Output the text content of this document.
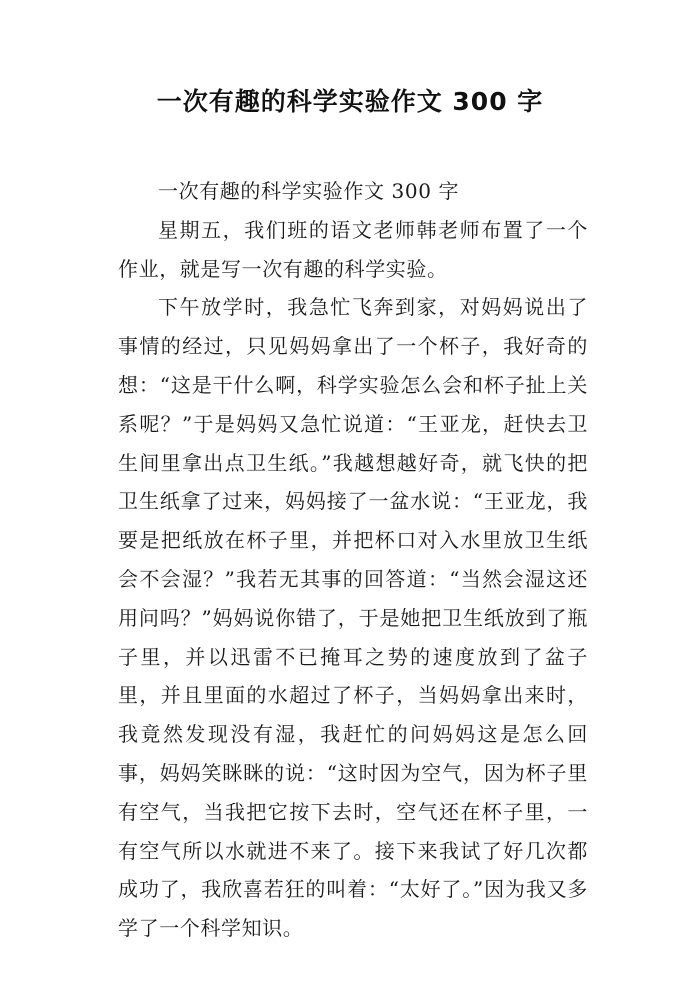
一次有趣的科学实验作文 300 字

一次有趣的科学实验作文 300 字

星期五，我们班的语文老师韩老师布置了一个作业，就是写一次有趣的科学实验。

下午放学时，我急忙飞奔到家，对妈妈说出了事情的经过，只见妈妈拿出了一个杯子，我好奇的想：“这是干什么啊，科学实验怎么会和杯子扯上关系呢？”于是妈妈又急忙说道：“王亚龙，赶快去卫生间里拿出点卫生纸。”我越想越好奇，就飞快的把卫生纸拿了过来，妈妈接了一盆水说：“王亚龙，我要是把纸放在杯子里，并把杯口对入水里放卫生纸会不会湿？”我若无其事的回答道：“当然会湿这还用问吗？”妈妈说你错了，于是她把卫生纸放到了瓶子里，并以迅雷不已掩耳之势的速度放到了盆子里，并且里面的水超过了杯子，当妈妈拿出来时，我竟然发现没有湿，我赶忙的问妈妈这是怎么回事，妈妈笑眯眯的说：“这时因为空气，因为杯子里有空气，当我把它按下去时，空气还在杯子里，一有空气所以水就进不来了。接下来我试了好几次都成功了，我欣喜若狂的叫着：“太好了。”因为我又多学了一个科学知识。
